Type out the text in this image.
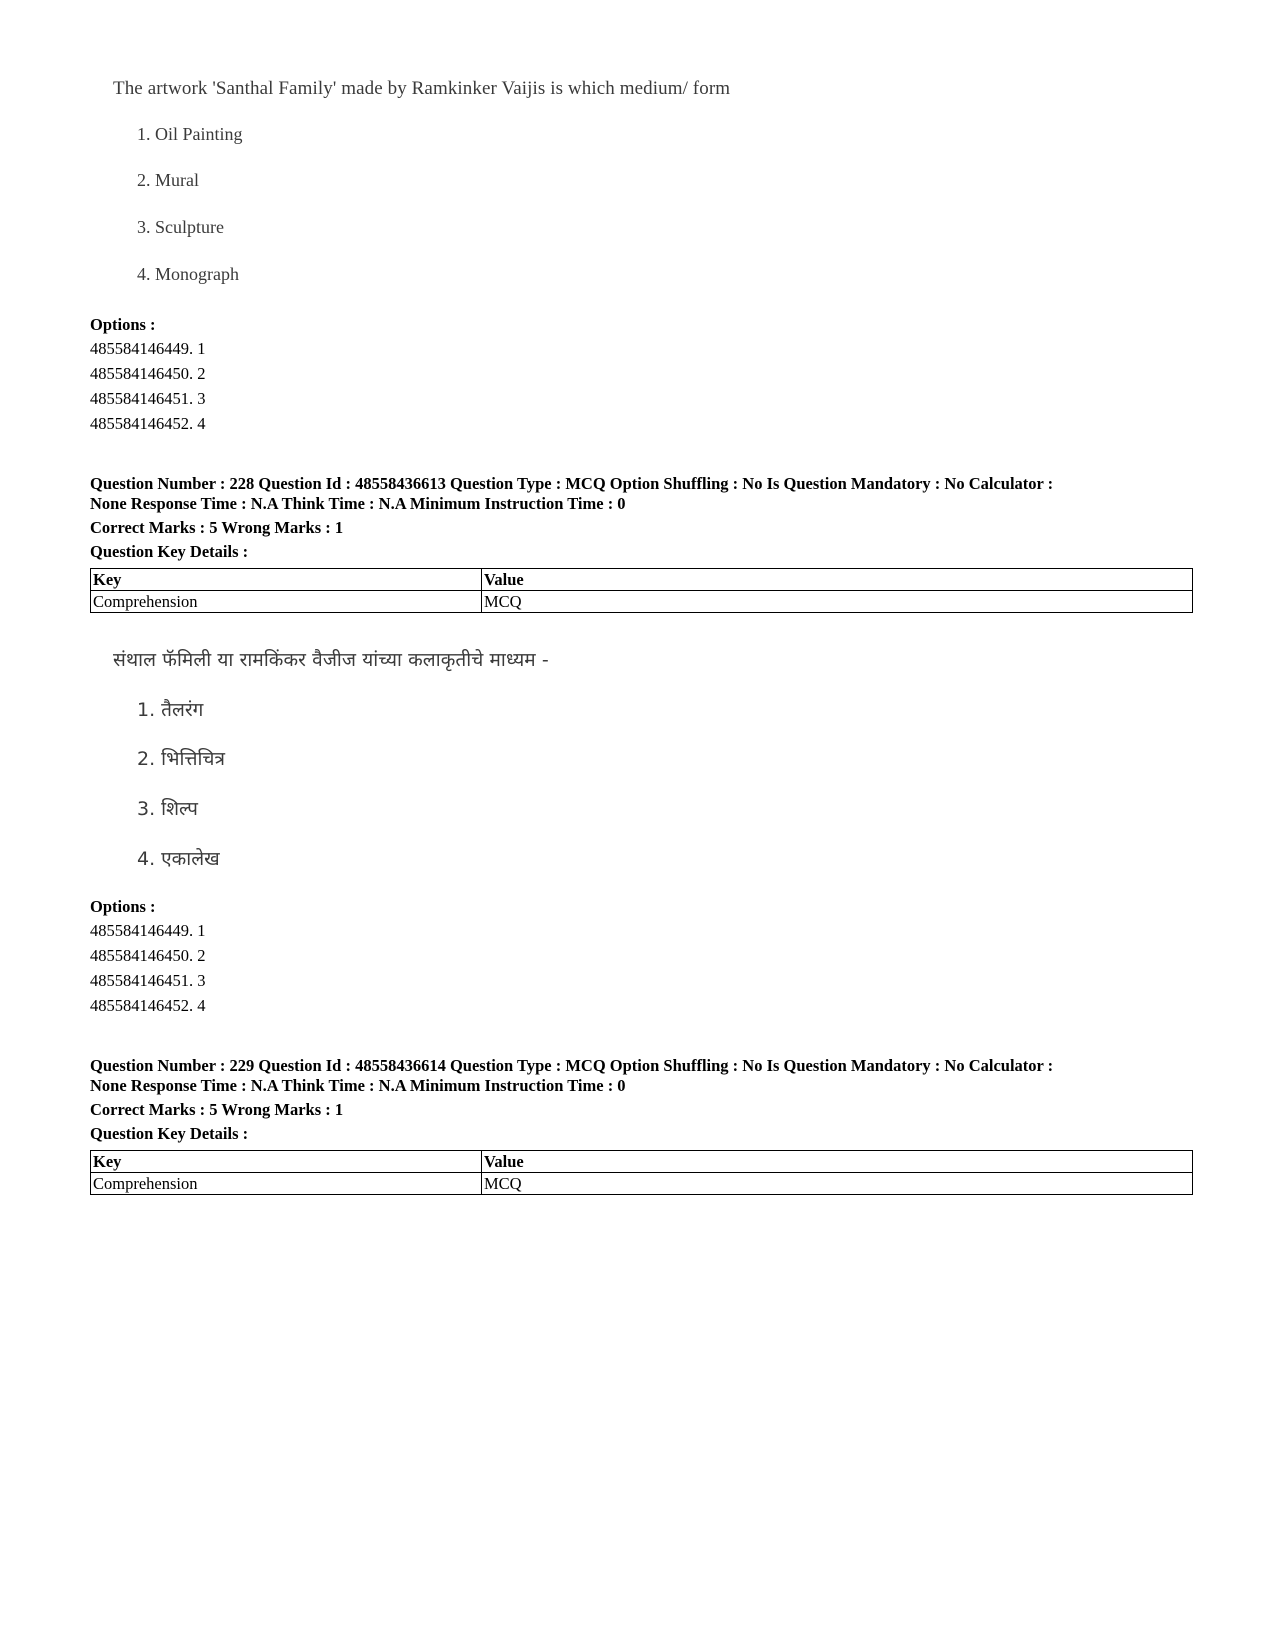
The artwork 'Santhal Family' made by Ramkinker Vaijis is which medium/ form
1. Oil Painting
2. Mural
3. Sculpture
4. Monograph
Options :
485584146449. 1
485584146450. 2
485584146451. 3
485584146452. 4
Question Number : 228 Question Id : 48558436613 Question Type : MCQ Option Shuffling : No Is Question Mandatory : No Calculator :
None Response Time : N.A Think Time : N.A Minimum Instruction Time : 0
Correct Marks : 5 Wrong Marks : 1
Question Key Details :
Key	Value
Comprehension	MCQ
संथाल फॅमिली या रामकिंकर वैजीज यांच्या कलाकृतीचे माध्यम -
1. तैलरंग
2. भित्तिचित्र
3. शिल्प
4. एकालेख
Options :
485584146449. 1
485584146450. 2
485584146451. 3
485584146452. 4
Question Number : 229 Question Id : 48558436614 Question Type : MCQ Option Shuffling : No Is Question Mandatory : No Calculator :
None Response Time : N.A Think Time : N.A Minimum Instruction Time : 0
Correct Marks : 5 Wrong Marks : 1
Question Key Details :
Key	Value
Comprehension	MCQ
